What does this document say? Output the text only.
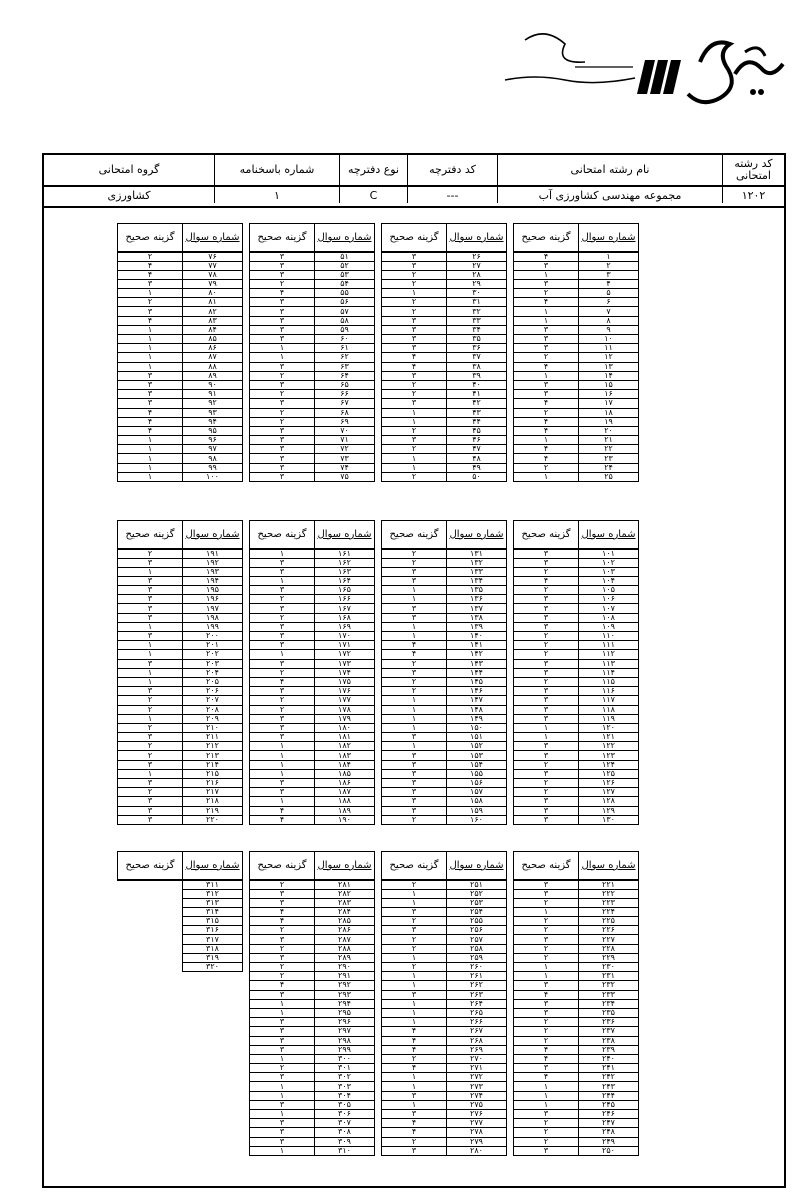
کد رشته امتحانی
۱۲۰۲
نام رشته امتحانی
مجموعه مهندسی کشاورزی آب
کد دفترچه
---
نوع دفترچه
C
شماره باسخنامه
۱
گروه امتحانی
کشاورزی
گزینه صحیح	شماره سوال
۴	۱
۳	۲
۱	۳
۳	۴
۲	۵
۴	۶
۱	۷
۱	۸
۳	۹
۳	۱۰
۳	۱۱
۲	۱۲
۴	۱۳
۱	۱۴
۳	۱۵
۳	۱۶
۴	۱۷
۲	۱۸
۴	۱۹
۴	۲۰
۱	۲۱
۴	۲۲
۴	۲۳
۲	۲۴
۱	۲۵
گزینه صحیح	شماره سوال
۳	۲۶
۳	۲۷
۲	۲۸
۲	۲۹
۱	۳۰
۲	۳۱
۲	۳۲
۳	۳۳
۳	۳۴
۳	۳۵
۳	۳۶
۴	۳۷
۴	۳۸
۳	۳۹
۲	۴۰
۲	۴۱
۳	۴۲
۱	۴۳
۱	۴۴
۲	۴۵
۳	۴۶
۲	۴۷
۱	۴۸
۱	۴۹
۲	۵۰
گزینه صحیح	شماره سوال
۳	۵۱
۳	۵۲
۳	۵۳
۲	۵۴
۴	۵۵
۳	۵۶
۳	۵۷
۳	۵۸
۳	۵۹
۳	۶۰
۱	۶۱
۱	۶۲
۳	۶۳
۲	۶۴
۳	۶۵
۲	۶۶
۳	۶۷
۲	۶۸
۲	۶۹
۳	۷۰
۳	۷۱
۳	۷۲
۳	۷۳
۳	۷۴
۳	۷۵
گزینه صحیح	شماره سوال
۲	۷۶
۴	۷۷
۴	۷۸
۳	۷۹
۱	۸۰
۲	۸۱
۳	۸۲
۴	۸۳
۱	۸۴
۱	۸۵
۱	۸۶
۱	۸۷
۱	۸۸
۳	۸۹
۳	۹۰
۳	۹۱
۳	۹۲
۴	۹۳
۴	۹۴
۴	۹۵
۱	۹۶
۱	۹۷
۱	۹۸
۱	۹۹
۱	۱۰۰
گزینه صحیح	شماره سوال
۳	۱۰۱
۳	۱۰۲
۲	۱۰۳
۴	۱۰۴
۲	۱۰۵
۳	۱۰۶
۳	۱۰۷
۳	۱۰۸
۳	۱۰۹
۲	۱۱۰
۲	۱۱۱
۲	۱۱۲
۳	۱۱۳
۳	۱۱۴
۲	۱۱۵
۳	۱۱۶
۳	۱۱۷
۳	۱۱۸
۳	۱۱۹
۱	۱۲۰
۱	۱۲۱
۳	۱۲۲
۳	۱۲۳
۲	۱۲۴
۳	۱۲۵
۲	۱۲۶
۲	۱۲۷
۳	۱۲۸
۳	۱۲۹
۳	۱۳۰
گزینه صحیح	شماره سوال
۲	۱۳۱
۲	۱۳۲
۳	۱۳۳
۳	۱۳۴
۱	۱۳۵
۱	۱۳۶
۳	۱۳۷
۳	۱۳۸
۱	۱۳۹
۱	۱۴۰
۴	۱۴۱
۴	۱۴۲
۲	۱۴۳
۳	۱۴۴
۲	۱۴۵
۲	۱۴۶
۱	۱۴۷
۱	۱۴۸
۱	۱۴۹
۱	۱۵۰
۳	۱۵۱
۱	۱۵۲
۳	۱۵۳
۳	۱۵۴
۳	۱۵۵
۳	۱۵۶
۳	۱۵۷
۳	۱۵۸
۳	۱۵۹
۲	۱۶۰
گزینه صحیح	شماره سوال
۱	۱۶۱
۳	۱۶۲
۳	۱۶۳
۱	۱۶۴
۳	۱۶۵
۲	۱۶۶
۳	۱۶۷
۲	۱۶۸
۳	۱۶۹
۳	۱۷۰
۳	۱۷۱
۱	۱۷۲
۳	۱۷۳
۲	۱۷۴
۴	۱۷۵
۳	۱۷۶
۲	۱۷۷
۲	۱۷۸
۳	۱۷۹
۳	۱۸۰
۳	۱۸۱
۱	۱۸۲
۱	۱۸۳
۱	۱۸۴
۱	۱۸۵
۳	۱۸۶
۳	۱۸۷
۱	۱۸۸
۴	۱۸۹
۴	۱۹۰
گزینه صحیح	شماره سوال
۲	۱۹۱
۳	۱۹۲
۱	۱۹۳
۳	۱۹۴
۳	۱۹۵
۳	۱۹۶
۳	۱۹۷
۳	۱۹۸
۱	۱۹۹
۳	۲۰۰
۱	۲۰۱
۱	۲۰۲
۳	۲۰۳
۱	۲۰۴
۱	۲۰۵
۳	۲۰۶
۲	۲۰۷
۲	۲۰۸
۱	۲۰۹
۲	۲۱۰
۳	۲۱۱
۲	۲۱۲
۲	۲۱۳
۳	۲۱۴
۱	۲۱۵
۳	۲۱۶
۲	۲۱۷
۳	۲۱۸
۳	۲۱۹
۳	۲۲۰
گزینه صحیح	شماره سوال
۳	۲۲۱
۳	۲۲۲
۲	۲۲۳
۱	۲۲۴
۲	۲۲۵
۲	۲۲۶
۳	۲۲۷
۲	۲۲۸
۲	۲۲۹
۱	۲۳۰
۱	۲۳۱
۳	۲۳۲
۴	۲۳۳
۳	۲۳۴
۳	۲۳۵
۲	۲۳۶
۲	۲۳۷
۲	۲۳۸
۴	۲۳۹
۴	۲۴۰
۳	۲۴۱
۴	۲۴۲
۱	۲۴۳
۱	۲۴۴
۱	۲۴۵
۳	۲۴۶
۲	۲۴۷
۲	۲۴۸
۲	۲۴۹
۳	۲۵۰
گزینه صحیح	شماره سوال
۲	۲۵۱
۱	۲۵۲
۱	۲۵۳
۳	۲۵۴
۲	۲۵۵
۳	۲۵۶
۲	۲۵۷
۲	۲۵۸
۱	۲۵۹
۲	۲۶۰
۱	۲۶۱
۱	۲۶۲
۳	۲۶۳
۱	۲۶۴
۱	۲۶۵
۱	۲۶۶
۴	۲۶۷
۴	۲۶۸
۴	۲۶۹
۲	۲۷۰
۴	۲۷۱
۱	۲۷۲
۱	۲۷۳
۳	۲۷۴
۱	۲۷۵
۳	۲۷۶
۴	۲۷۷
۴	۲۷۸
۲	۲۷۹
۳	۲۸۰
گزینه صحیح	شماره سوال
۲	۲۸۱
۳	۲۸۲
۳	۲۸۳
۴	۲۸۴
۴	۲۸۵
۲	۲۸۶
۳	۲۸۷
۲	۲۸۸
۳	۲۸۹
۲	۲۹۰
۲	۲۹۱
۴	۲۹۲
۳	۲۹۳
۱	۲۹۴
۱	۲۹۵
۳	۲۹۶
۳	۲۹۷
۳	۲۹۸
۳	۲۹۹
۱	۳۰۰
۲	۳۰۱
۳	۳۰۲
۱	۳۰۳
۱	۳۰۴
۳	۳۰۵
۱	۳۰۶
۳	۳۰۷
۳	۳۰۸
۳	۳۰۹
۱	۳۱۰
گزینه صحیح	شماره سوال
	۳۱۱
	۳۱۲
	۳۱۳
	۳۱۴
	۳۱۵
	۳۱۶
	۳۱۷
	۳۱۸
	۳۱۹
	۳۲۰
